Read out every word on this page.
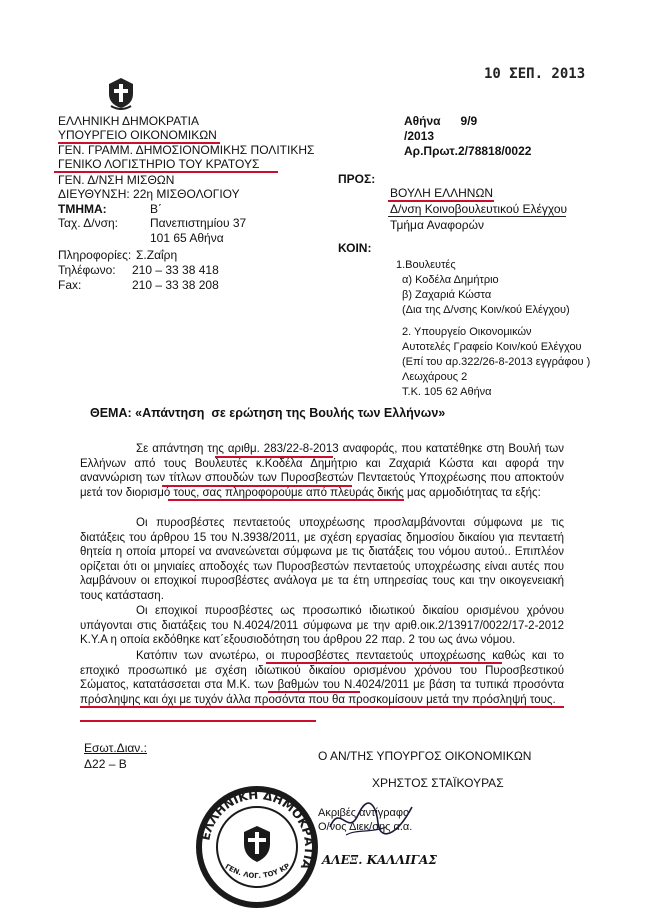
10 ΣΕΠ. 2013
ΕΛΛΗΝΙΚΗ ΔΗΜΟΚΡΑΤΙΑ
ΥΠΟΥΡΓΕΙΟ ΟΙΚΟΝΟΜΙΚΩΝ
ΓΕΝ. ΓΡΑΜΜ. ΔΗΜΟΣΙΟΝΟΜΙΚΗΣ ΠΟΛΙΤΙΚΗΣ
ΓΕΝΙΚΟ ΛΟΓΙΣΤΗΡΙΟ ΤΟΥ ΚΡΑΤΟΥΣ
ΓΕΝ. Δ/ΝΣΗ ΜΙΣΘΩΝ
ΔΙΕΥΘΥΝΣΗ: 22η ΜΙΣΘΟΛΟΓΙΟΥ
ΤΜΗΜΑ:	Β΄
Ταχ. Δ/νση:	Πανεπιστημίου 37
101 65 Αθήνα
Πληροφορίες: Σ.Ζαΐρη
Τηλέφωνο: 210 – 33 38 418
Fax:	210 – 33 38 208
Αθήνα      9/9
/2013
Αρ.Πρωτ.2/78818/0022
ΠΡΟΣ:
ΒΟΥΛΗ ΕΛΛΗΝΩΝ
Δ/νση Κοινοβουλευτικού Ελέγχου
Τμήμα Αναφορών
ΚΟΙΝ:
1.Βουλευτές
α) Κοδέλα Δημήτριο
β) Ζαχαριά Κώστα
(Δια της Δ/νσης Κοιν/κού Ελέγχου)
2. Υπουργείο Οικονομικών
Αυτοτελές Γραφείο Κοιν/κού Ελέγχου
(Επί του αρ.322/26-8-2013 εγγράφου )
Λεωχάρους 2
Τ.Κ. 105 62 Αθήνα
ΘΕΜΑ: «Απάντηση  σε ερώτηση της Βουλής των Ελλήνων»
Σε απάντηση της αριθμ. 283/22-8-2013 αναφοράς, που κατατέθηκε στη Βουλή των Ελλήνων από τους Βουλευτές κ.Κοδέλα Δημήτριο και Ζαχαριά Κώστα και αφορά την αναννώριση των τίτλων σπουδών των Πυροσβεστών Πενταετούς Υποχρέωσης που αποκτούν μετά τον διορισμό τους, σας πληροφορούμε από πλευράς δικής μας αρμοδιότητας τα εξής:
Οι πυροσβέστες πενταετούς υποχρέωσης προσλαμβάνονται σύμφωνα με τις διατάξεις του άρθρου 15 του Ν.3938/2011, με σχέση εργασίας δημοσίου δικαίου για πενταετή θητεία η οποία μπορεί να ανανεώνεται σύμφωνα με τις διατάξεις του νόμου αυτού.. Επιπλέον ορίζεται ότι οι μηνιαίες αποδοχές των Πυροσβεστών πενταετούς υποχρέωσης είναι αυτές που λαμβάνουν οι εποχικοί πυροσβέστες ανάλογα με τα έτη υπηρεσίας τους και την οικογενειακή τους κατάσταση.
Οι εποχικοί πυροσβέστες ως προσωπικό ιδιωτικού δικαίου ορισμένου χρόνου υπάγονται στις διατάξεις του Ν.4024/2011 σύμφωνα με την αριθ.οικ.2/13917/0022/17-2-2012 Κ.Υ.Α η οποία εκδόθηκε κατ΄εξουσιοδότηση του άρθρου 22 παρ. 2 του ως άνω νόμου.
Κατόπιν των ανωτέρω, οι πυροσβέστες πενταετούς υποχρέωσης καθώς και το εποχικό προσωπικό με σχέση ιδιωτικού δικαίου ορισμένου χρόνου του Πυροσβεστικού Σώματος, κατατάσσεται στα Μ.Κ. των βαθμών του Ν.4024/2011 με βάση τα τυπικά προσόντα πρόσληψης και όχι με τυχόν άλλα προσόντα που θα προσκομίσουν μετά την πρόσληψή τους.
Εσωτ.Διαν.:
Δ22 – Β
Ο ΑΝ/ΤΗΣ ΥΠΟΥΡΓΟΣ ΟΙΚΟΝΟΜΙΚΩΝ
ΧΡΗΣΤΟΣ ΣΤΑΪΚΟΥΡΑΣ
Ακριβές αντίγραφο
Ο/νος Διεκ/σης α.α.
ΑΛΕΞ. ΚΑΛΛΙΓΑΣ
ΕΛΛΗΝΙΚΗ ΔΗΜΟΚΡΑΤΙΑ
ΓΕΝ. ΛΟΓ. ΤΟΥ ΚΡ
